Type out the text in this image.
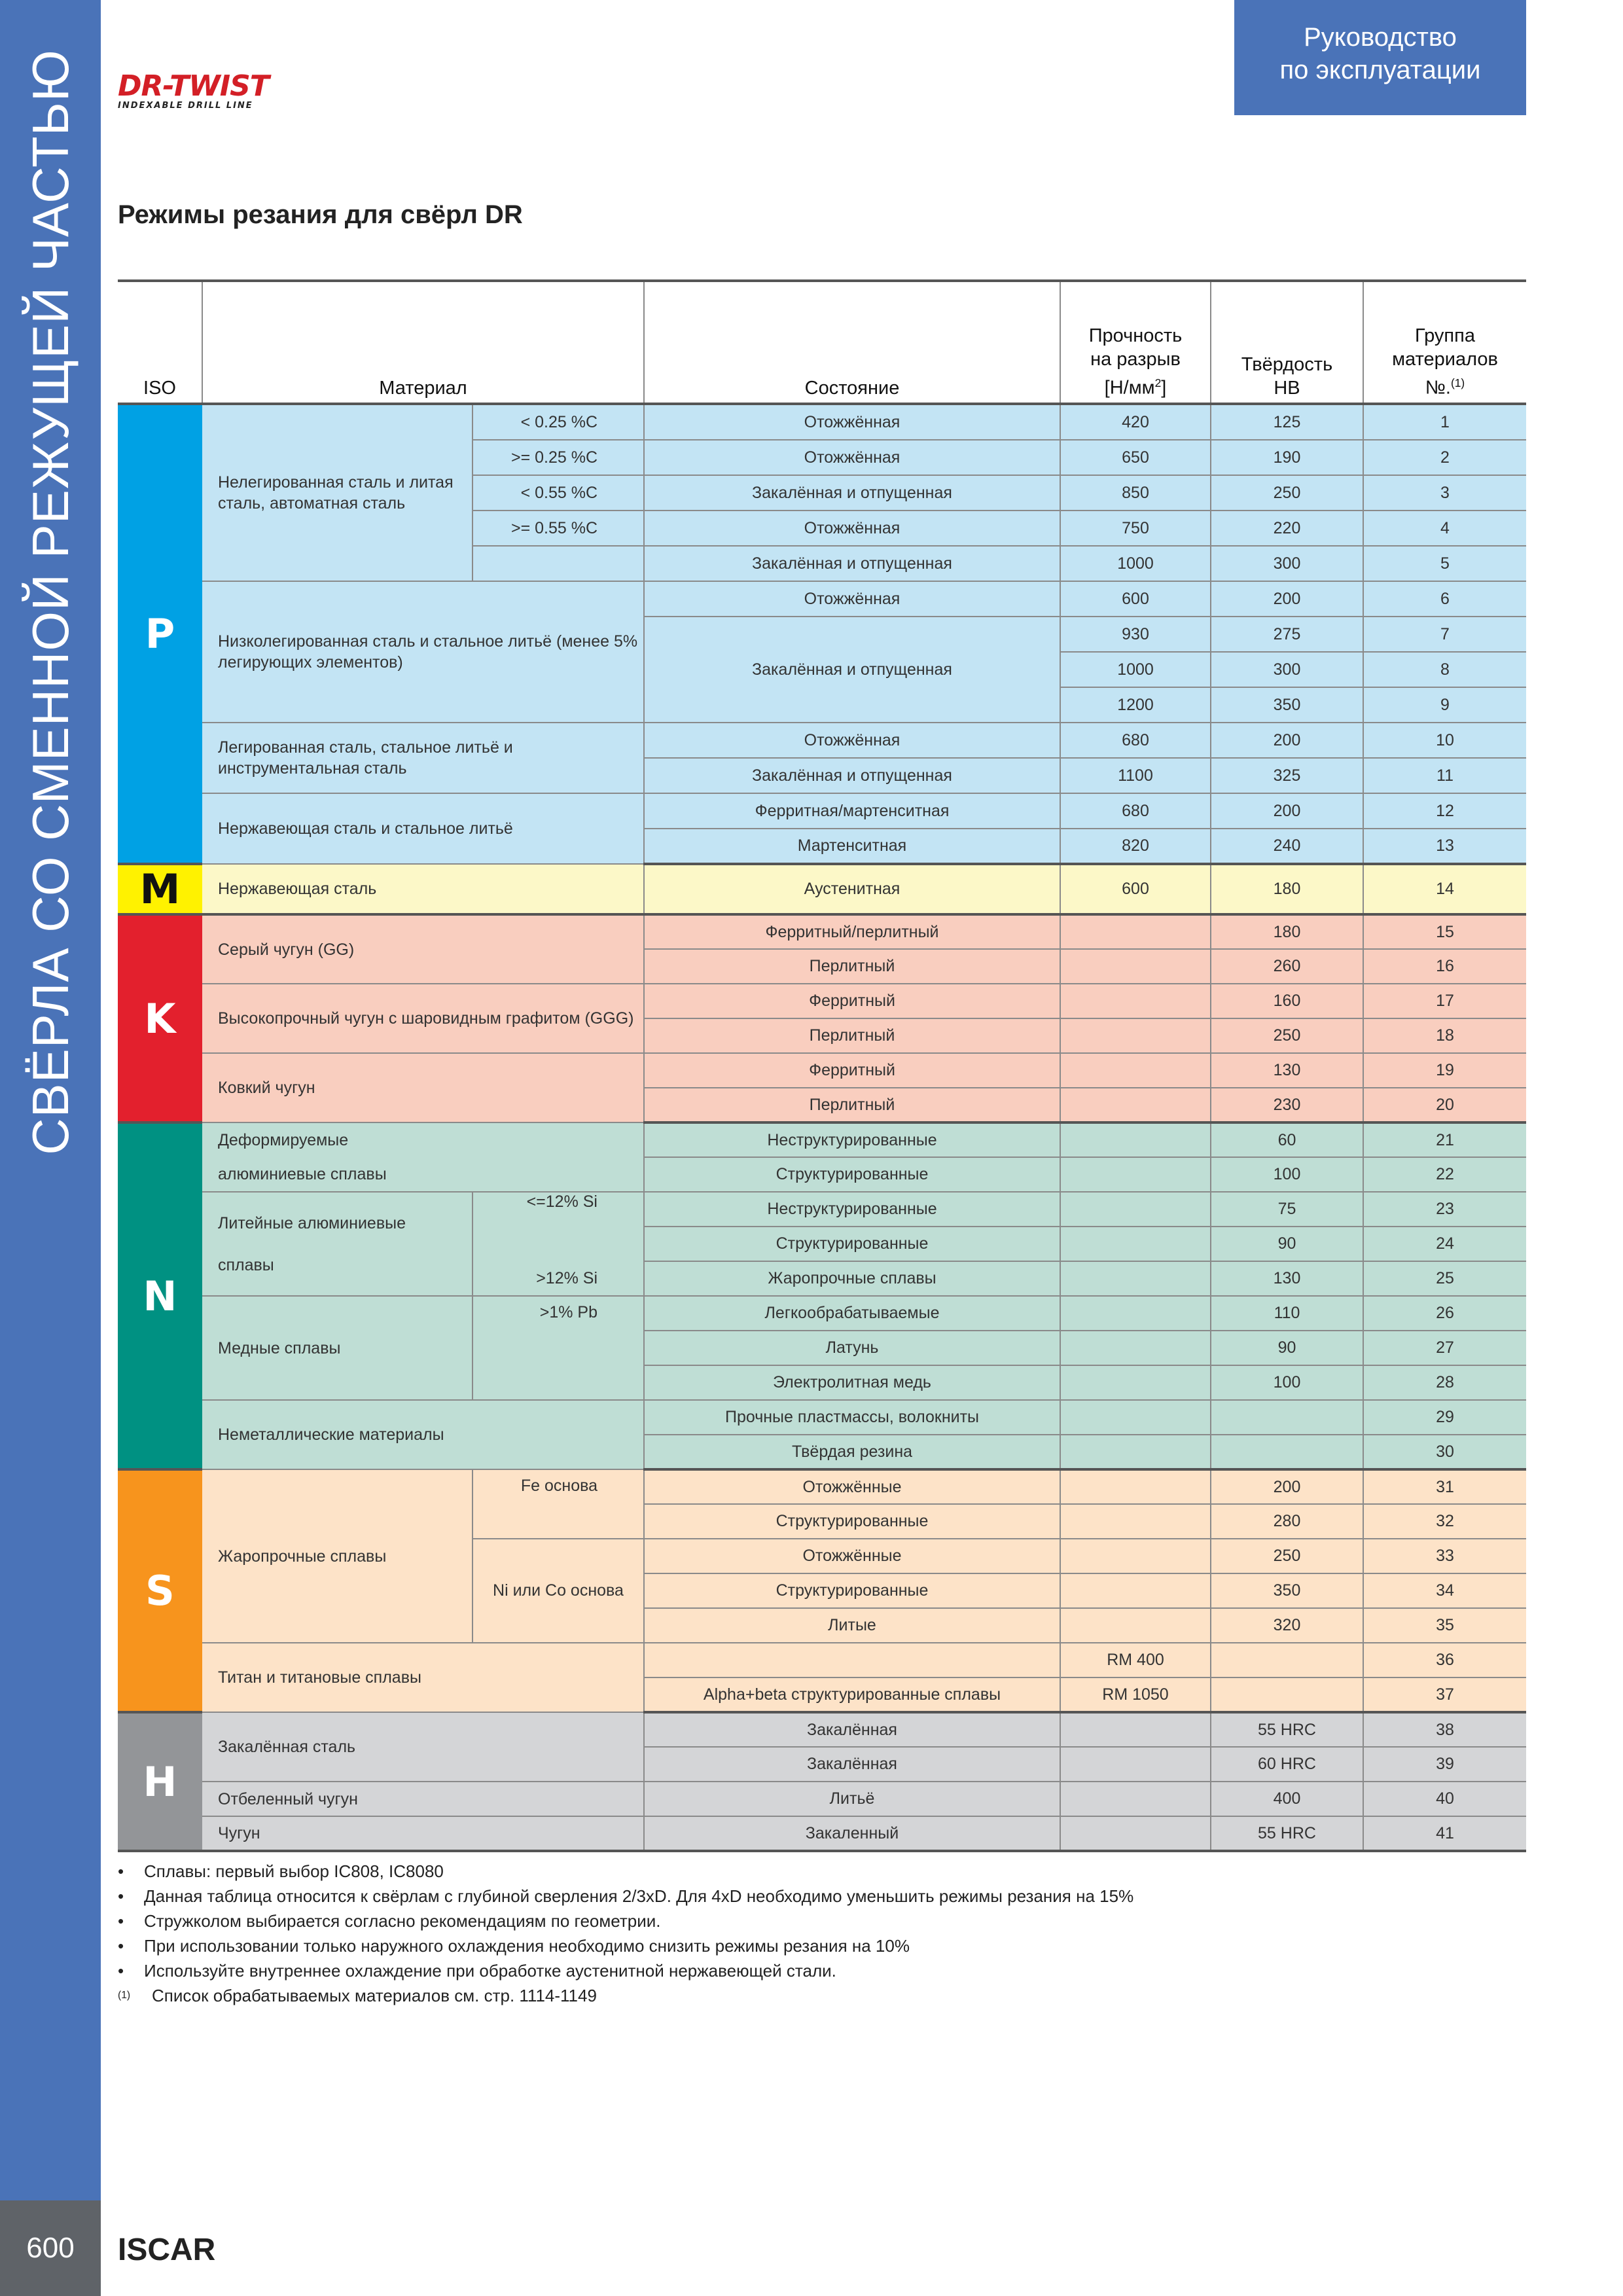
СВЁРЛА СО СМЕННОЙ РЕЖУЩЕЙ ЧАСТЬЮ
600
DR-TWIST
INDEXABLE DRILL LINE
Руководство
по эксплуатации
Режимы резания для свёрл DR
ISO	Материал		Состояние	Прочность
на разрыв
$[Н/мм^2]$	Твёрдость
HB	Группа
материалов
№.$^{(1)}$
P	Нелегированная сталь и литая сталь, автоматная сталь	< 0.25 %C	Отожжённая	420	125	1
		>= 0.25 %C	Отожжённая	650	190	2
		< 0.55 %C	Закалённая и отпущенная	850	250	3
		>= 0.55 %C	Отожжённая	750	220	4
			Закалённая и отпущенная	1000	300	5
	Низколегированная сталь и стальное литьё (менее 5% легирующих элементов)		Отожжённая	600	200	6
			Закалённая и отпущенная	930	275	7
				1000	300	8
				1200	350	9
	Легированная сталь, стальное литьё и инструментальная сталь		Отожжённая	680	200	10
			Закалённая и отпущенная	1100	325	11
	Нержавеющая сталь и стальное литьё		Ферритная/мартенситная	680	200	12
			Мартенситная	820	240	13
M	Нержавеющая сталь		Аустенитная	600	180	14
K	Серый чугун (GG)		Ферритный/перлитный		180	15
			Перлитный		260	16
	Высокопрочный чугун с шаровидным графитом (GGG)		Ферритный		160	17
			Перлитный		250	18
	Ковкий чугун		Ферритный		130	19
			Перлитный		230	20
N	Деформируемые		Неструктурированные		60	21
	алюминиевые сплавы		Структурированные		100	22
	Литейные алюминиевые

сплавы	<=12% Si	Неструктурированные		75	23
			Структурированные		90	24
		>12% Si	Жаропрочные сплавы		130	25
	Медные сплавы	>1% Pb	Легкообрабатываемые		110	26
			Латунь		90	27
			Электролитная медь		100	28
	Неметаллические материалы		Прочные пластмассы, волокниты			29
			Твёрдая резина			30
S	Жаропрочные сплавы	Fe основа	Отожжённые		200	31
			Структурированные		280	32
		Ni или Co основа	Отожжённые		250	33
			Структурированные		350	34
			Литые		320	35
	Титан и титановые сплавы			RM 400		36
			Alpha+beta структурированные сплавы	RM 1050		37
H	Закалённая сталь		Закалённая		55 HRC	38
			Закалённая		60 HRC	39
	Отбеленный чугун		Литьё		400	40
	Чугун		Закаленный		55 HRC	41
• Сплавы: первый выбор IC808, IC8080
• Данная таблица относится к свёрлам с глубиной сверления 2/3xD. Для 4xD необходимо уменьшить режимы резания на 15%
• Стружколом выбирается согласно рекомендациям по геометрии.
• При использовании только наружного охлаждения необходимо снизить режимы резания на 10%
• Используйте внутреннее охлаждение при обработке аустенитной нержавеющей стали.
(1) Список обрабатываемых материалов см. стр. 1114-1149
ISCAR
